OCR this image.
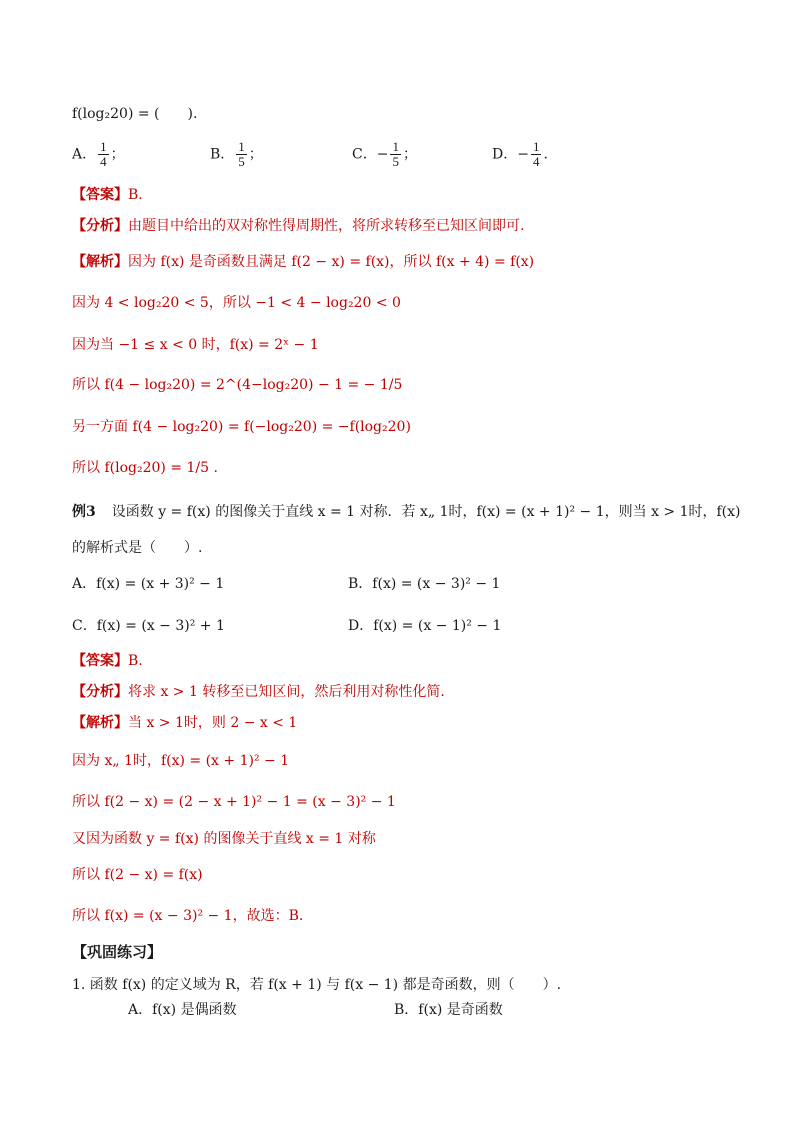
f(log₂20) = (　　).
A． $\frac{1}{4}$ ；	B． $\frac{1}{5}$ ；	C．− $\frac{1}{5}$ ；	D．− $\frac{1}{4}$ .
【答案】B.
【分析】由题目中给出的双对称性得周期性，将所求转移至已知区间即可.
【解析】因为 f(x) 是奇函数且满足 f(2 − x) = f(x)，所以 f(x + 4) = f(x)
因为 4 < log₂20 < 5，所以 −1 < 4 − log₂20 < 0
因为当 −1 ≤ x < 0 时，f(x) = 2ˣ − 1
所以 f(4 − log₂20) = 2^(4−log₂20) − 1 = − 1/5
另一方面 f(4 − log₂20) = f(−log₂20) = −f(log₂20)
所以 f(log₂20) = 1/5 .
例3 设函数 y = f(x) 的图像关于直线 x = 1 对称．若 x„ 1时，f(x) = (x + 1)² − 1，则当 x > 1时，f(x)
的解析式是（　　）.
A．f(x) = (x + 3)² − 1	B．f(x) = (x − 3)² − 1
C．f(x) = (x − 3)² + 1	D．f(x) = (x − 1)² − 1
【答案】B.
【分析】将求 x > 1 转移至已知区间，然后利用对称性化简.
【解析】当 x > 1时，则 2 − x < 1
因为 x„ 1时，f(x) = (x + 1)² − 1
所以 f(2 − x) = (2 − x + 1)² − 1 = (x − 3)² − 1
又因为函数 y = f(x) 的图像关于直线 x = 1 对称
所以 f(2 − x) = f(x)
所以 f(x) = (x − 3)² − 1，故选：B.
【巩固练习】
1. 函数 f(x) 的定义域为 R，若 f(x + 1) 与 f(x − 1) 都是奇函数，则（　　）.
A．f(x) 是偶函数	B．f(x) 是奇函数
